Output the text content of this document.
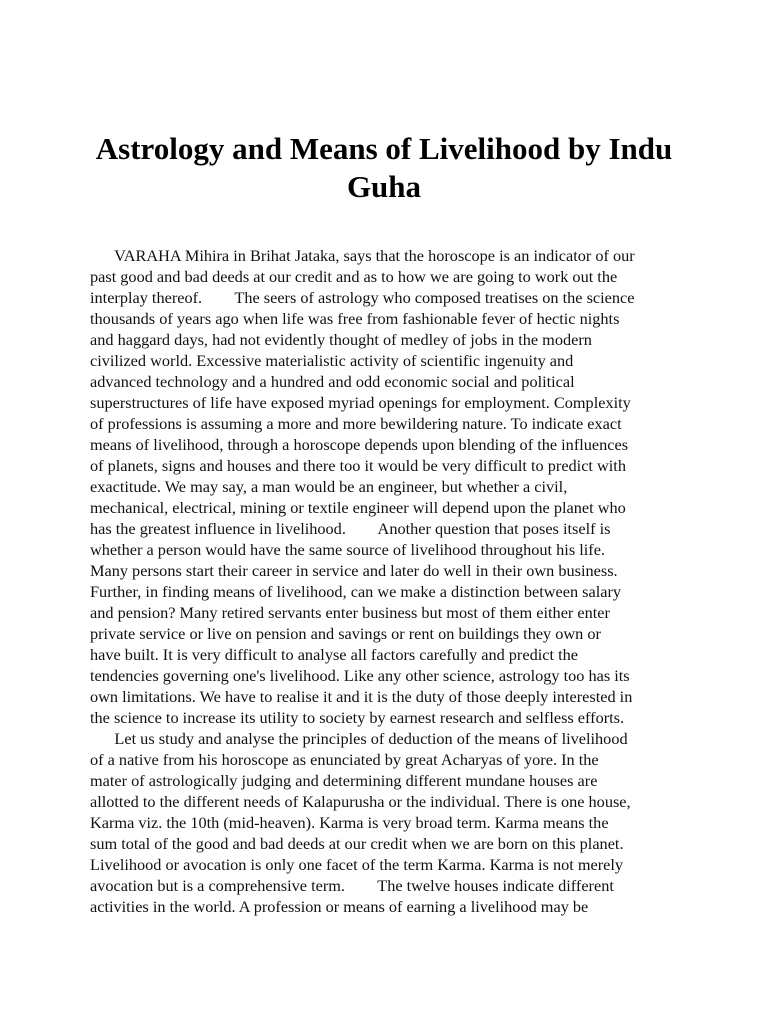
Astrology and Means of Livelihood by Indu Guha
VARAHA Mihira in Brihat Jataka, says that the horoscope is an indicator of our
past good and bad deeds at our credit and as to how we are going to work out the
interplay thereof.        The seers of astrology who composed treatises on the science
thousands of years ago when life was free from fashionable fever of hectic nights
and haggard days, had not evidently thought of medley of jobs in the modern
civilized world. Excessive materialistic activity of scientific ingenuity and
advanced technology and a hundred and odd economic social and political
superstructures of life have exposed myriad openings for employment. Complexity
of professions is assuming a more and more bewildering nature. To indicate exact
means of livelihood, through a horoscope depends upon blending of the influences
of planets, signs and houses and there too it would be very difficult to predict with
exactitude. We may say, a man would be an engineer, but whether a civil,
mechanical, electrical, mining or textile engineer will depend upon the planet who
has the greatest influence in livelihood.        Another question that poses itself is
whether a person would have the same source of livelihood throughout his life.
Many persons start their career in service and later do well in their own business.
Further, in finding means of livelihood, can we make a distinction between salary
and pension? Many retired servants enter business but most of them either enter
private service or live on pension and savings or rent on buildings they own or
have built. It is very difficult to analyse all factors carefully and predict the
tendencies governing one's livelihood. Like any other science, astrology too has its
own limitations. We have to realise it and it is the duty of those deeply interested in
the science to increase its utility to society by earnest research and selfless efforts.
Let us study and analyse the principles of deduction of the means of livelihood
of a native from his horoscope as enunciated by great Acharyas of yore. In the
mater of astrologically judging and determining different mundane houses are
allotted to the different needs of Kalapurusha or the individual. There is one house,
Karma viz. the 10th (mid-heaven). Karma is very broad term. Karma means the
sum total of the good and bad deeds at our credit when we are born on this planet.
Livelihood or avocation is only one facet of the term Karma. Karma is not merely
avocation but is a comprehensive term.        The twelve houses indicate different
activities in the world. A profession or means of earning a livelihood may be
